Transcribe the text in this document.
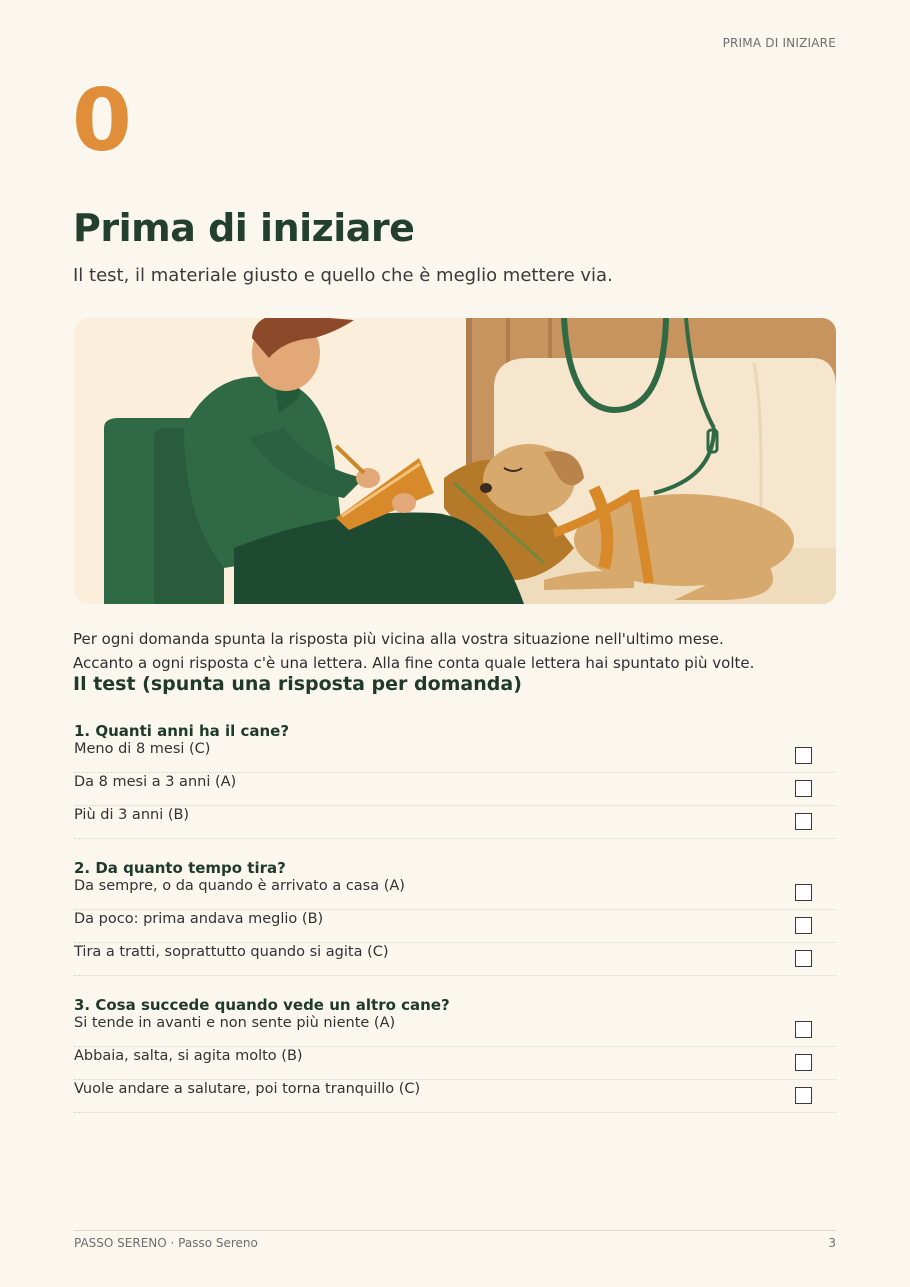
PRIMA DI INIZIARE
0
Prima di iniziare

Il test, il materiale giusto e quello che è meglio mettere via.

Per ogni domanda spunta la risposta più vicina alla vostra situazione nell'ultimo mese.
Accanto a ogni risposta c'è una lettera. Alla fine conta quale lettera hai spuntato più volte.

Il test (spunta una risposta per domanda)
1. Quanti anni ha il cane?
Meno di 8 mesi (C)
Da 8 mesi a 3 anni (A)
Più di 3 anni (B)
2. Da quanto tempo tira?
Da sempre, o da quando è arrivato a casa (A)
Da poco: prima andava meglio (B)
Tira a tratti, soprattutto quando si agita (C)
3. Cosa succede quando vede un altro cane?
Si tende in avanti e non sente più niente (A)
Abbaia, salta, si agita molto (B)
Vuole andare a salutare, poi torna tranquillo (C)
PASSO SERENO · Passo Sereno	3
